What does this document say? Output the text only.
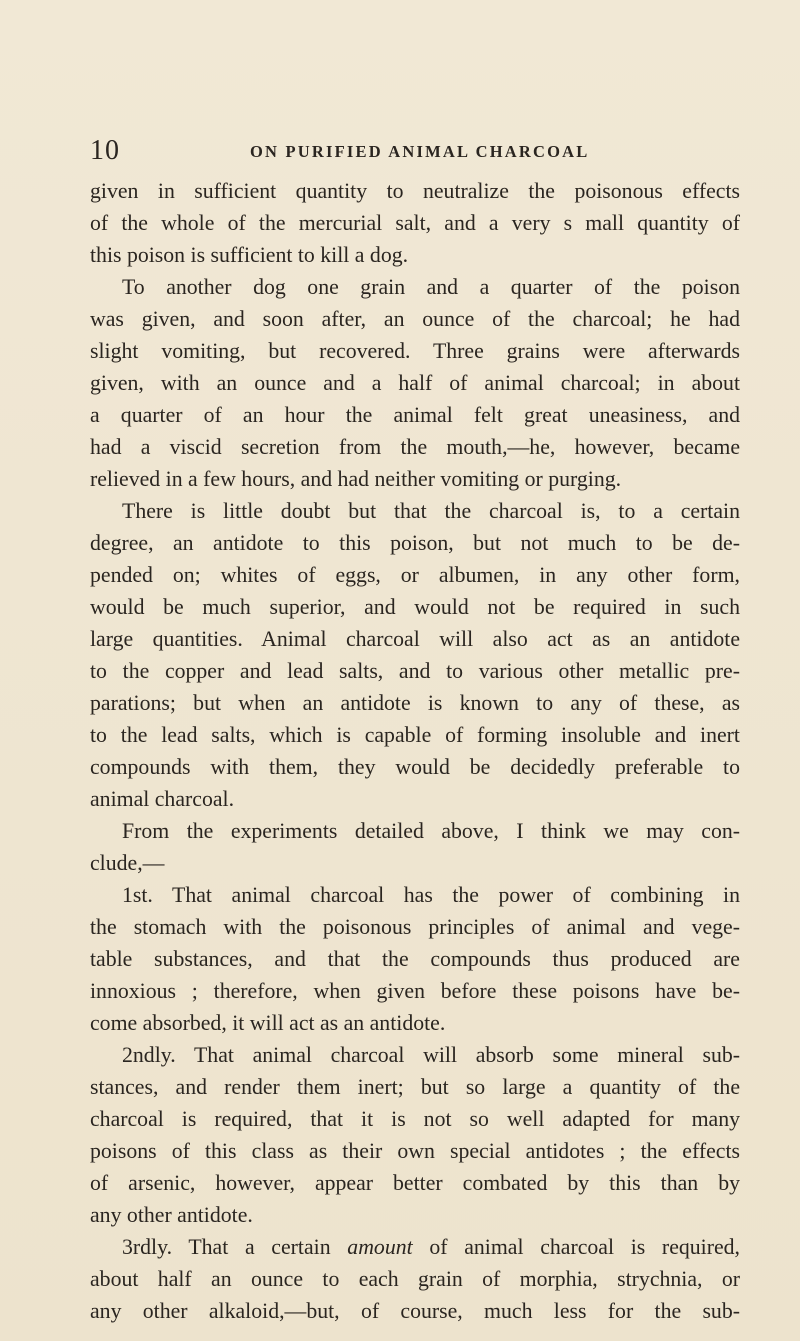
10	ON PURIFIED ANIMAL CHARCOAL
given in sufficient quantity to neutralize the poisonous effects
of the whole of the mercurial salt, and a very s mall quantity of
this poison is sufficient to kill a dog.
To another dog one grain and a quarter of the poison
was given, and soon after, an ounce of the charcoal; he had
slight vomiting, but recovered. Three grains were afterwards
given, with an ounce and a half of animal charcoal; in about
a quarter of an hour the animal felt great uneasiness, and
had a viscid secretion from the mouth,—he, however, became
relieved in a few hours, and had neither vomiting or purging.
There is little doubt but that the charcoal is, to a certain
degree, an antidote to this poison, but not much to be de-
pended on; whites of eggs, or albumen, in any other form,
would be much superior, and would not be required in such
large quantities. Animal charcoal will also act as an antidote
to the copper and lead salts, and to various other metallic pre-
parations; but when an antidote is known to any of these, as
to the lead salts, which is capable of forming insoluble and inert
compounds with them, they would be decidedly preferable to
animal charcoal.
From the experiments detailed above, I think we may con-
clude,—
1st. That animal charcoal has the power of combining in
the stomach with the poisonous principles of animal and vege-
table substances, and that the compounds thus produced are
innoxious ; therefore, when given before these poisons have be-
come absorbed, it will act as an antidote.
2ndly. That animal charcoal will absorb some mineral sub-
stances, and render them inert; but so large a quantity of the
charcoal is required, that it is not so well adapted for many
poisons of this class as their own special antidotes ; the effects
of arsenic, however, appear better combated by this than by
any other antidote.
3rdly. That a certain amount of animal charcoal is required,
about half an ounce to each grain of morphia, strychnia, or
any other alkaloid,—but, of course, much less for the sub-
